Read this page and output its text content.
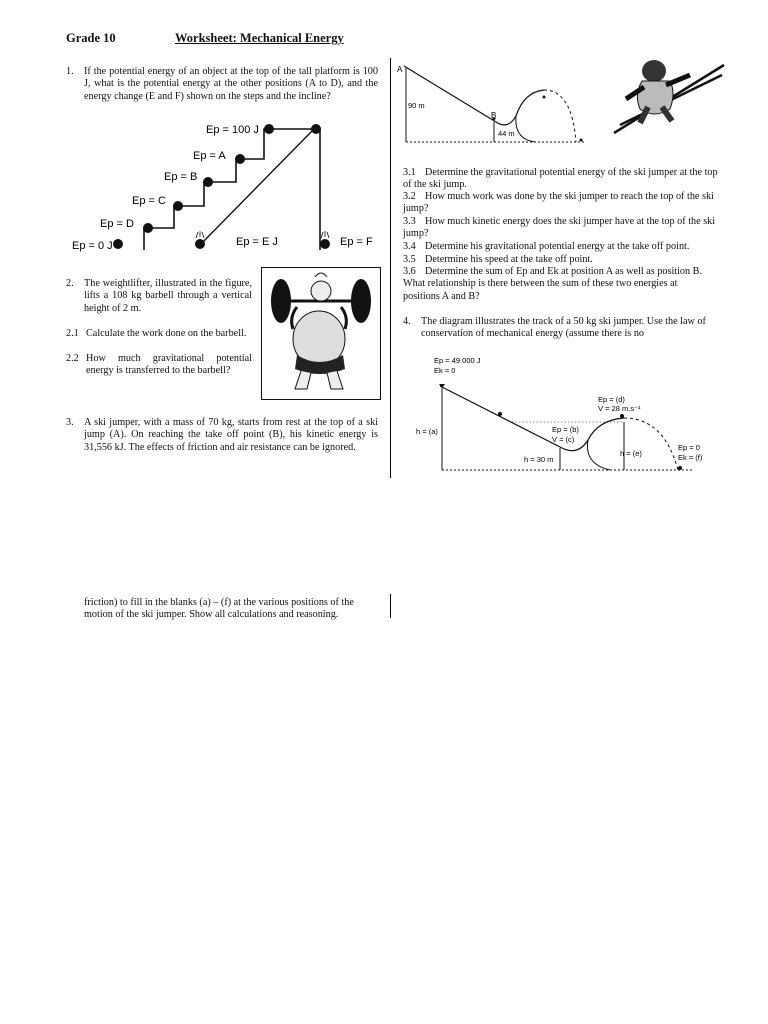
Grade 10	Worksheet: Mechanical Energy
1. If the potential energy of an object at the top of the tall platform is 100 J, what is the potential energy at the other positions (A to D), and the energy change (E and F) shown on the steps and the incline?
Ep = 100 J
Ep = A
Ep = B
Ep = C
Ep = D
Ep = 0 J	Ep = E J	Ep = F
2. The weightlifter, illustrated in the figure, lifts a 108 kg barbell through a vertical height of 2 m.
2.1 Calculate the work done on the barbell.
2.2 How much gravitational potential energy is transferred to the barbell?
3. A ski jumper, with a mass of 70 kg, starts from rest at the top of a ski jump (A). On reaching the take off point (B), his kinetic energy is 31,556 kJ. The effects of friction and air resistance can be ignored.
A
B
90 m
44 m
3.1 Determine the gravitational potential energy of the ski jumper at the top of the ski jump.
3.2 How much work was done by the ski jumper to reach the top of the ski jump?
3.3 How much kinetic energy does the ski jumper have at the top of the ski jump?
3.4 Determine his gravitational potential energy at the take off point.
3.5 Determine his speed at the take off point.
3.6 Determine the sum of Ep and Ek at position A as well as position B. What relationship is there between the sum of these two energies at positions A and B?
4. The diagram illustrates the track of a 50 kg ski jumper. Use the law of conservation of mechanical energy (assume there is no
Ep = 49 000 J
Ek = 0
h = (a)	Ep = (b)
V = (c)
h = 30 m
Ep = (d)
V = 28 m.s⁻¹
h = (e)
Ep = 0
Ek = (f)
friction) to fill in the blanks (a) – (f) at the various positions of the motion of the ski jumper. Show all calculations and reasoning.
